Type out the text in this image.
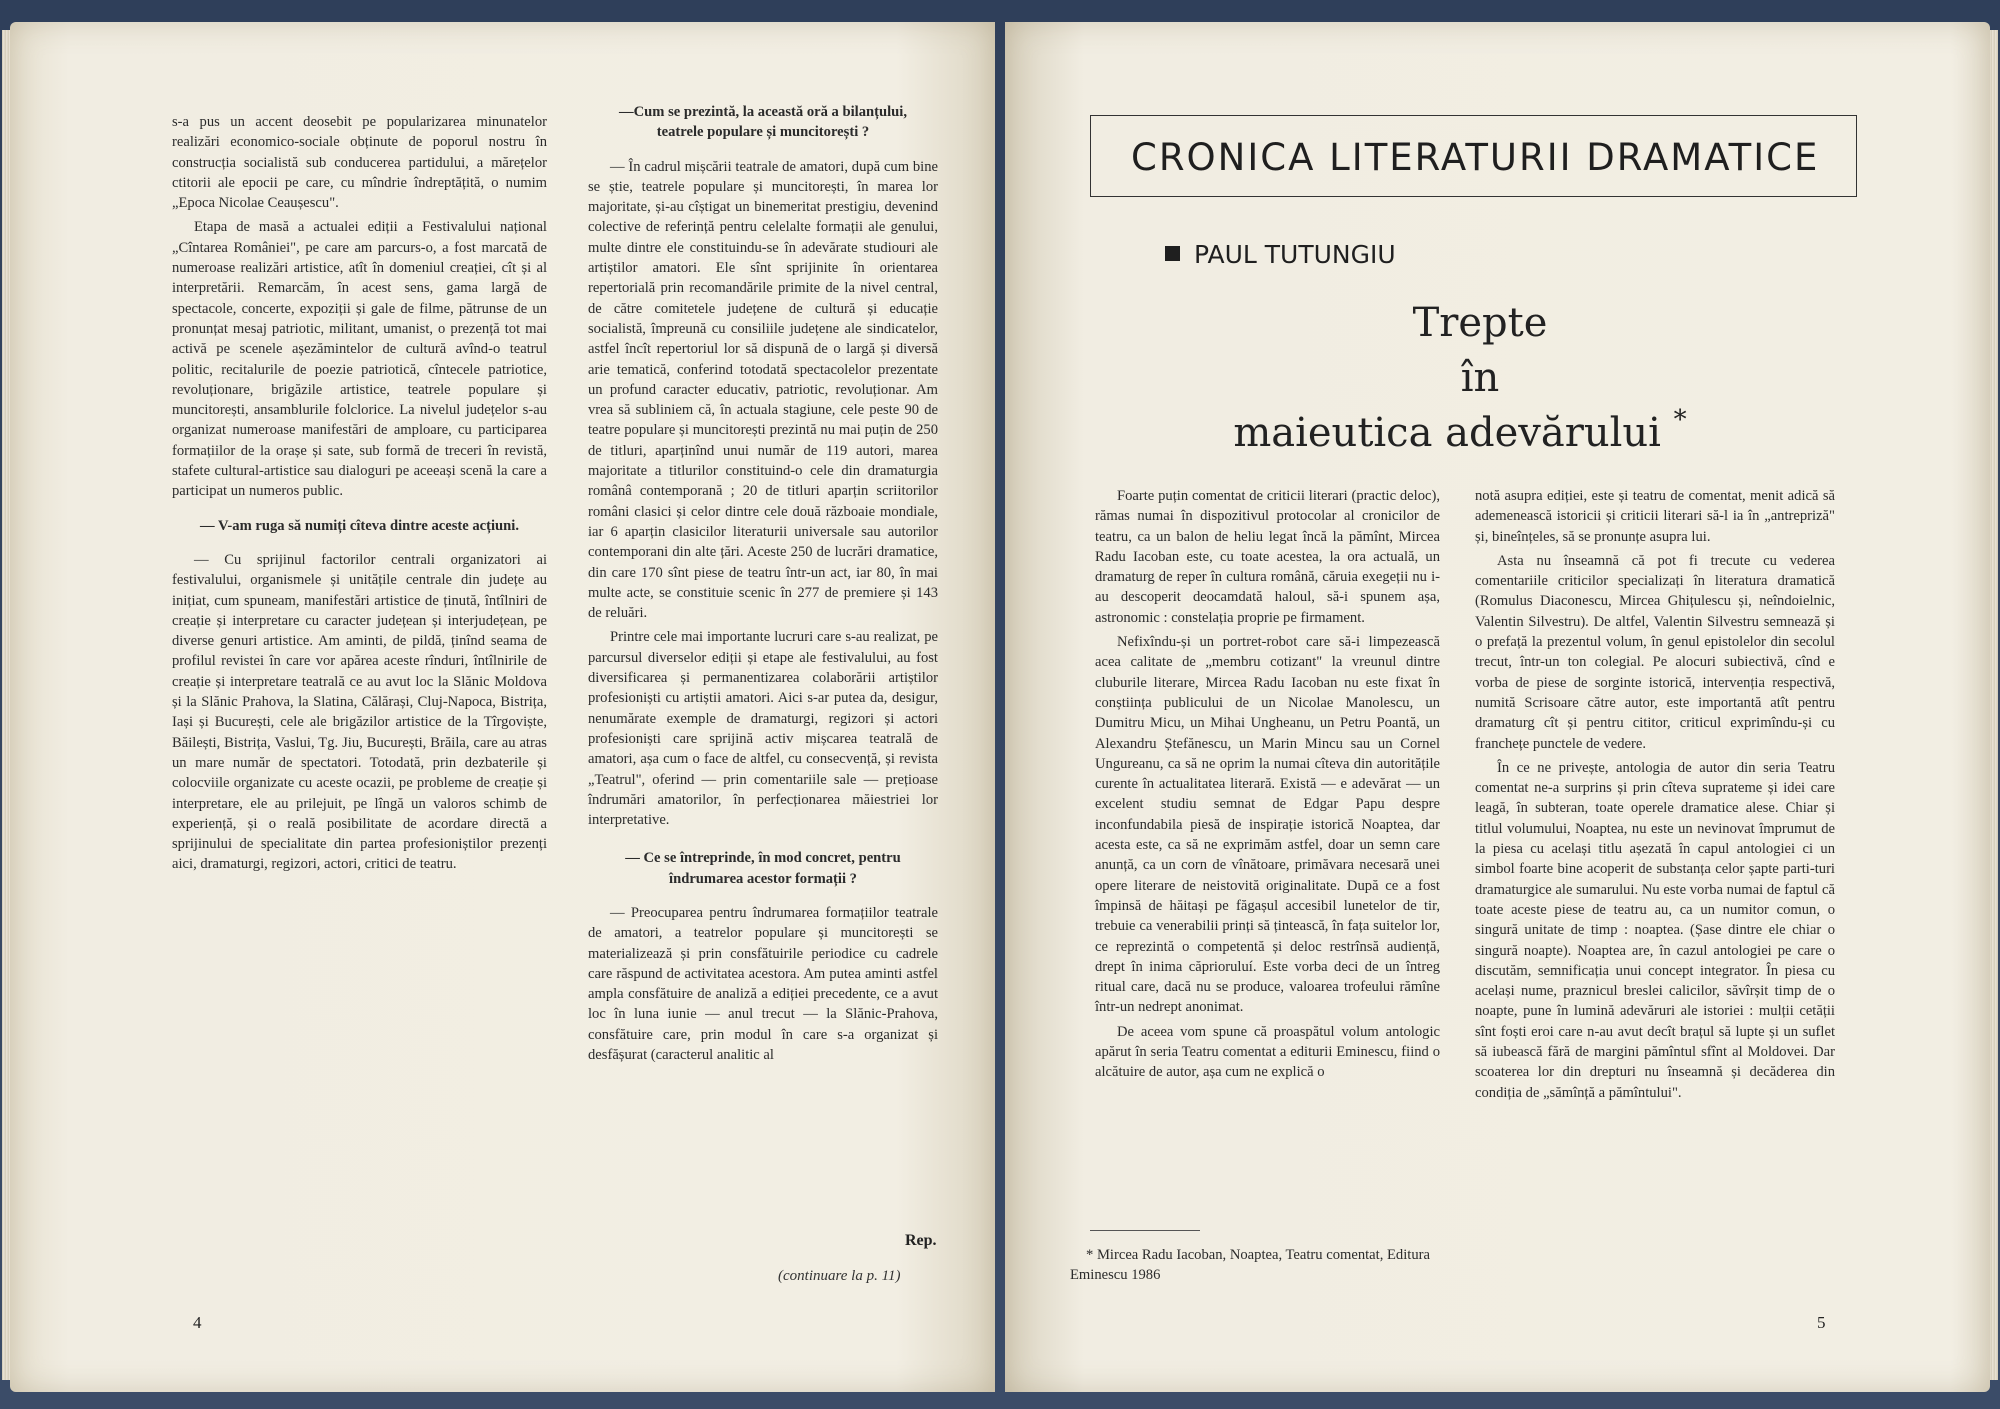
s-a pus un accent deosebit pe popularizarea minunatelor realizări economico-sociale obținute de poporul nostru în construcția socialistă sub conducerea partidului, a mărețelor ctitorii ale epocii pe care, cu mîndrie îndreptățită, o numim „Epoca Nicolae Ceaușescu".

Etapa de masă a actualei ediții a Festivalului național „Cîntarea României", pe care am parcurs-o, a fost marcată de numeroase realizări artistice, atît în domeniul creației, cît și al interpretării. Remarcăm, în acest sens, gama largă de spectacole, concerte, expoziții și gale de filme, pătrunse de un pronunțat mesaj patriotic, militant, umanist, o prezență tot mai activă pe scenele așezămintelor de cultură avînd-o teatrul politic, recitalurile de poezie patriotică, cîntecele patriotice, revoluționare, brigăzile artistice, teatrele populare și muncitorești, ansamblurile folclorice. La nivelul județelor s-au organizat numeroase manifestări de amploare, cu participarea formațiilor de la orașe și sate, sub formă de treceri în revistă, stafete cultural-artistice sau dialoguri pe aceeași scenă la care a participat un numeros public.

— V-am ruga să numiți cîteva dintre aceste acțiuni.

— Cu sprijinul factorilor centrali organizatori ai festivalului, organismele și unitățile centrale din județe au inițiat, cum spuneam, manifestări artistice de ținută, întîlniri de creație și interpretare cu caracter județean și interjudețean, pe diverse genuri artistice. Am aminti, de pildă, ținînd seama de profilul revistei în care vor apărea aceste rînduri, întîlnirile de creație și interpretare teatrală ce au avut loc la Slănic Moldova și la Slănic Prahova, la Slatina, Călărași, Cluj-Napoca, Bistrița, Iași și București, cele ale brigăzilor artistice de la Tîrgoviște, Băilești, Bistrița, Vaslui, Tg. Jiu, București, Brăila, care au atras un mare număr de spectatori. Totodată, prin dezbaterile și colocviile organizate cu aceste ocazii, pe probleme de creație și interpretare, ele au prilejuit, pe lîngă un valoros schimb de experiență, și o reală posibilitate de acordare directă a sprijinului de specialitate din partea profesioniștilor prezenți aici, dramaturgi, regizori, actori, critici de teatru.

—Cum se prezintă, la această oră a bilanțului, teatrele populare și muncitorești ?

— În cadrul mișcării teatrale de amatori, după cum bine se știe, teatrele populare și muncitorești, în marea lor majoritate, și-au cîștigat un binemeritat prestigiu, devenind colective de referință pentru celelalte formații ale genului, multe dintre ele constituindu-se în adevărate studiouri ale artiștilor amatori. Ele sînt sprijinite în orientarea repertorială prin recomandările primite de la nivel central, de către comitetele județene de cultură și educație socialistă, împreună cu consiliile județene ale sindicatelor, astfel încît repertoriul lor să dispună de o largă și diversă arie tematică, conferind totodată spectacolelor prezentate un profund caracter educativ, patriotic, revoluționar. Am vrea să subliniem că, în actuala stagiune, cele peste 90 de teatre populare și muncitorești prezintă nu mai puțin de 250 de titluri, aparținînd unui număr de 119 autori, marea majoritate a titlurilor constituind-o cele din dramaturgia românâ contemporană ; 20 de titluri aparțin scriitorilor români clasici și celor dintre cele două războaie mondiale, iar 6 aparțin clasicilor literaturii universale sau autorilor contemporani din alte țări. Aceste 250 de lucrări dramatice, din care 170 sînt piese de teatru într-un act, iar 80, în mai multe acte, se constituie scenic în 277 de premiere și 143 de reluări.

Printre cele mai importante lucruri care s-au realizat, pe parcursul diverselor ediții și etape ale festivalului, au fost diversificarea și permanentizarea colaborării artiștilor profesioniști cu artiștii amatori. Aici s-ar putea da, desigur, nenumărate exemple de dramaturgi, regizori și actori profesioniști care sprijină activ mișcarea teatrală de amatori, așa cum o face de altfel, cu consecvență, și revista „Teatrul", oferind — prin comentariile sale — prețioase îndrumări amatorilor, în perfecționarea măiestriei lor interpretative.

— Ce se întreprinde, în mod concret, pentru îndrumarea acestor formații ?

— Preocuparea pentru îndrumarea formațiilor teatrale de amatori, a teatrelor populare și muncitorești se materializează și prin consfătuirile periodice cu cadrele care răspund de activitatea acestora. Am putea aminti astfel ampla consfătuire de analiză a ediției precedente, ce a avut loc în luna iunie — anul trecut — la Slănic-Prahova, consfătuire care, prin modul în care s-a organizat și desfășurat (caracterul analitic al

Rep.
(continuare la p. 11)
4
CRONICA LITERATURII DRAMATICE
PAUL TUTUNGIU
Trepte
în
maieutica adevărului *

Foarte puțin comentat de criticii literari (practic deloc), rămas numai în dispozitivul protocolar al cronicilor de teatru, ca un balon de heliu legat încă la pămînt, Mircea Radu Iacoban este, cu toate acestea, la ora actuală, un dramaturg de reper în cultura română, căruia exegeții nu i-au descoperit deocamdată haloul, să-i spunem așa, astronomic : constelația proprie pe firmament.

Nefixîndu-și un portret-robot care să-i limpezească acea calitate de „membru cotizant" la vreunul dintre cluburile literare, Mircea Radu Iacoban nu este fixat în conștiința publicului de un Nicolae Manolescu, un Dumitru Micu, un Mihai Ungheanu, un Petru Poantă, un Alexandru Ștefănescu, un Marin Mincu sau un Cornel Ungureanu, ca să ne oprim la numai cîteva din autoritățile curente în actualitatea literară. Există — e adevărat — un excelent studiu semnat de Edgar Papu despre inconfundabila piesă de inspirație istorică Noaptea, dar acesta este, ca să ne exprimăm astfel, doar un semn care anunță, ca un corn de vînătoare, primăvara necesară unei opere literare de neistovită originalitate. După ce a fost împinsă de hăitași pe făgașul accesibil lunetelor de tir, trebuie ca venerabilii prinți să țintească, în fața suitelor lor, ce reprezintă o competentă și deloc restrînsă audiență, drept în inima căprioruluí. Este vorba deci de un întreg ritual care, dacă nu se produce, valoarea trofeului rămîne într-un nedrept anonimat.

De aceea vom spune că proaspătul volum antologic apărut în seria Teatru comentat a editurii Eminescu, fiind o alcătuire de autor, așa cum ne explică o

* Mircea Radu Iacoban, Noaptea, Teatru comentat, Editura Eminescu 1986

notă asupra ediției, este și teatru de comentat, menit adică să ademenească istoricii și criticii literari să-l ia în „antrepriză" și, bineînțeles, să se pronunțe asupra lui.

Asta nu înseamnă că pot fi trecute cu vederea comentariile criticilor specializați în literatura dramatică (Romulus Diaconescu, Mircea Ghițulescu și, neîndoielnic, Valentin Silvestru). De altfel, Valentin Silvestru semnează și o prefață la prezentul volum, în genul epistolelor din secolul trecut, într-un ton colegial. Pe alocuri subiectivă, cînd e vorba de piese de sorginte istorică, intervenția respectivă, numită Scrisoare către autor, este importantă atît pentru dramaturg cît și pentru cititor, criticul exprimîndu-și cu franchețe punctele de vedere.

În ce ne privește, antologia de autor din seria Teatru comentat ne-a surprins și prin cîteva suprateme și idei care leagă, în subteran, toate operele dramatice alese. Chiar și titlul volumului, Noaptea, nu este un nevinovat împrumut de la piesa cu același titlu așezată în capul antologiei ci un simbol foarte bine acoperit de substanța celor șapte parti-turi dramaturgice ale sumarului. Nu este vorba numai de faptul că toate aceste piese de teatru au, ca un numitor comun, o singură unitate de timp : noaptea. (Șase dintre ele chiar o singură noapte). Noaptea are, în cazul antologiei pe care o discutăm, semnificația unui concept integrator. În piesa cu același nume, praznicul breslei calicilor, săvîrșit timp de o noapte, pune în lumină adevăruri ale istoriei : mulții cetății sînt foști eroi care n-au avut decît brațul să lupte și un suflet să iubească fără de margini pămîntul sfînt al Moldovei. Dar scoaterea lor din drepturi nu înseamnă și decăderea din condiția de „sămînță a pămîntului".

5
